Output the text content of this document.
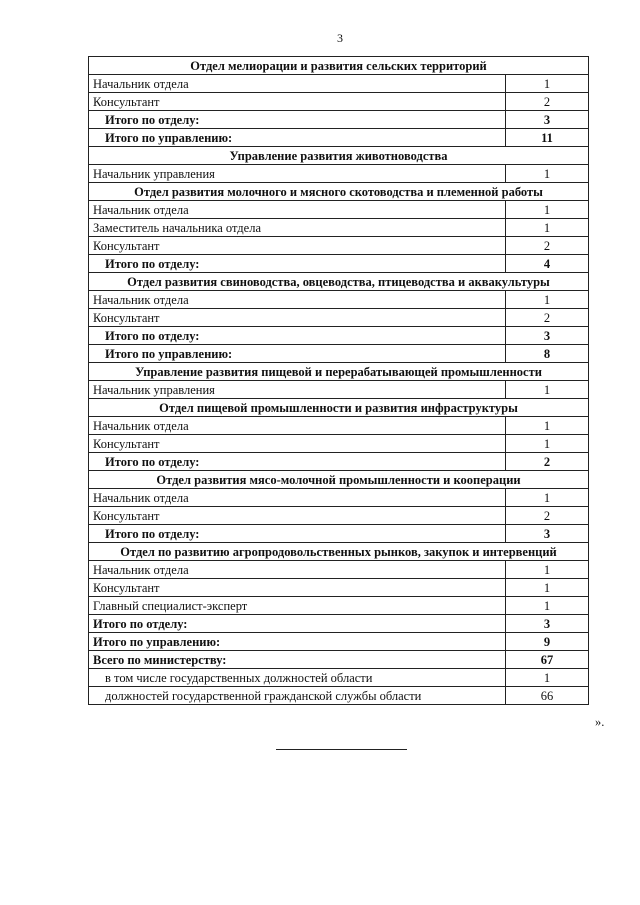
3
Отдел мелиорации и развития сельских территорий	
Начальник отдела	1
Консультант	2
Итого по отделу:	3
Итого по управлению:	11
Управление развития животноводства	
Начальник управления	1
Отдел развития молочного и мясного скотоводства и племенной работы	
Начальник отдела	1
Заместитель начальника отдела	1
Консультант	2
Итого по отделу:	4
Отдел развития свиноводства, овцеводства, птицеводства и аквакультуры	
Начальник отдела	1
Консультант	2
Итого по отделу:	3
Итого по управлению:	8
Управление развития пищевой и перерабатывающей промышленности	
Начальник управления	1
Отдел пищевой промышленности и развития инфраструктуры	
Начальник отдела	1
Консультант	1
Итого по отделу:	2
Отдел развития мясо-молочной промышленности и кооперации	
Начальник отдела	1
Консультант	2
Итого по отделу:	3
Отдел по развитию агропродовольственных рынков, закупок и интервенций	
Начальник отдела	1
Консультант	1
Главный специалист-эксперт	1
Итого по отделу:	3
Итого по управлению:	9
Всего по министерству:	67
в том числе государственных должностей области	1
должностей государственной гражданской службы области	66
».
